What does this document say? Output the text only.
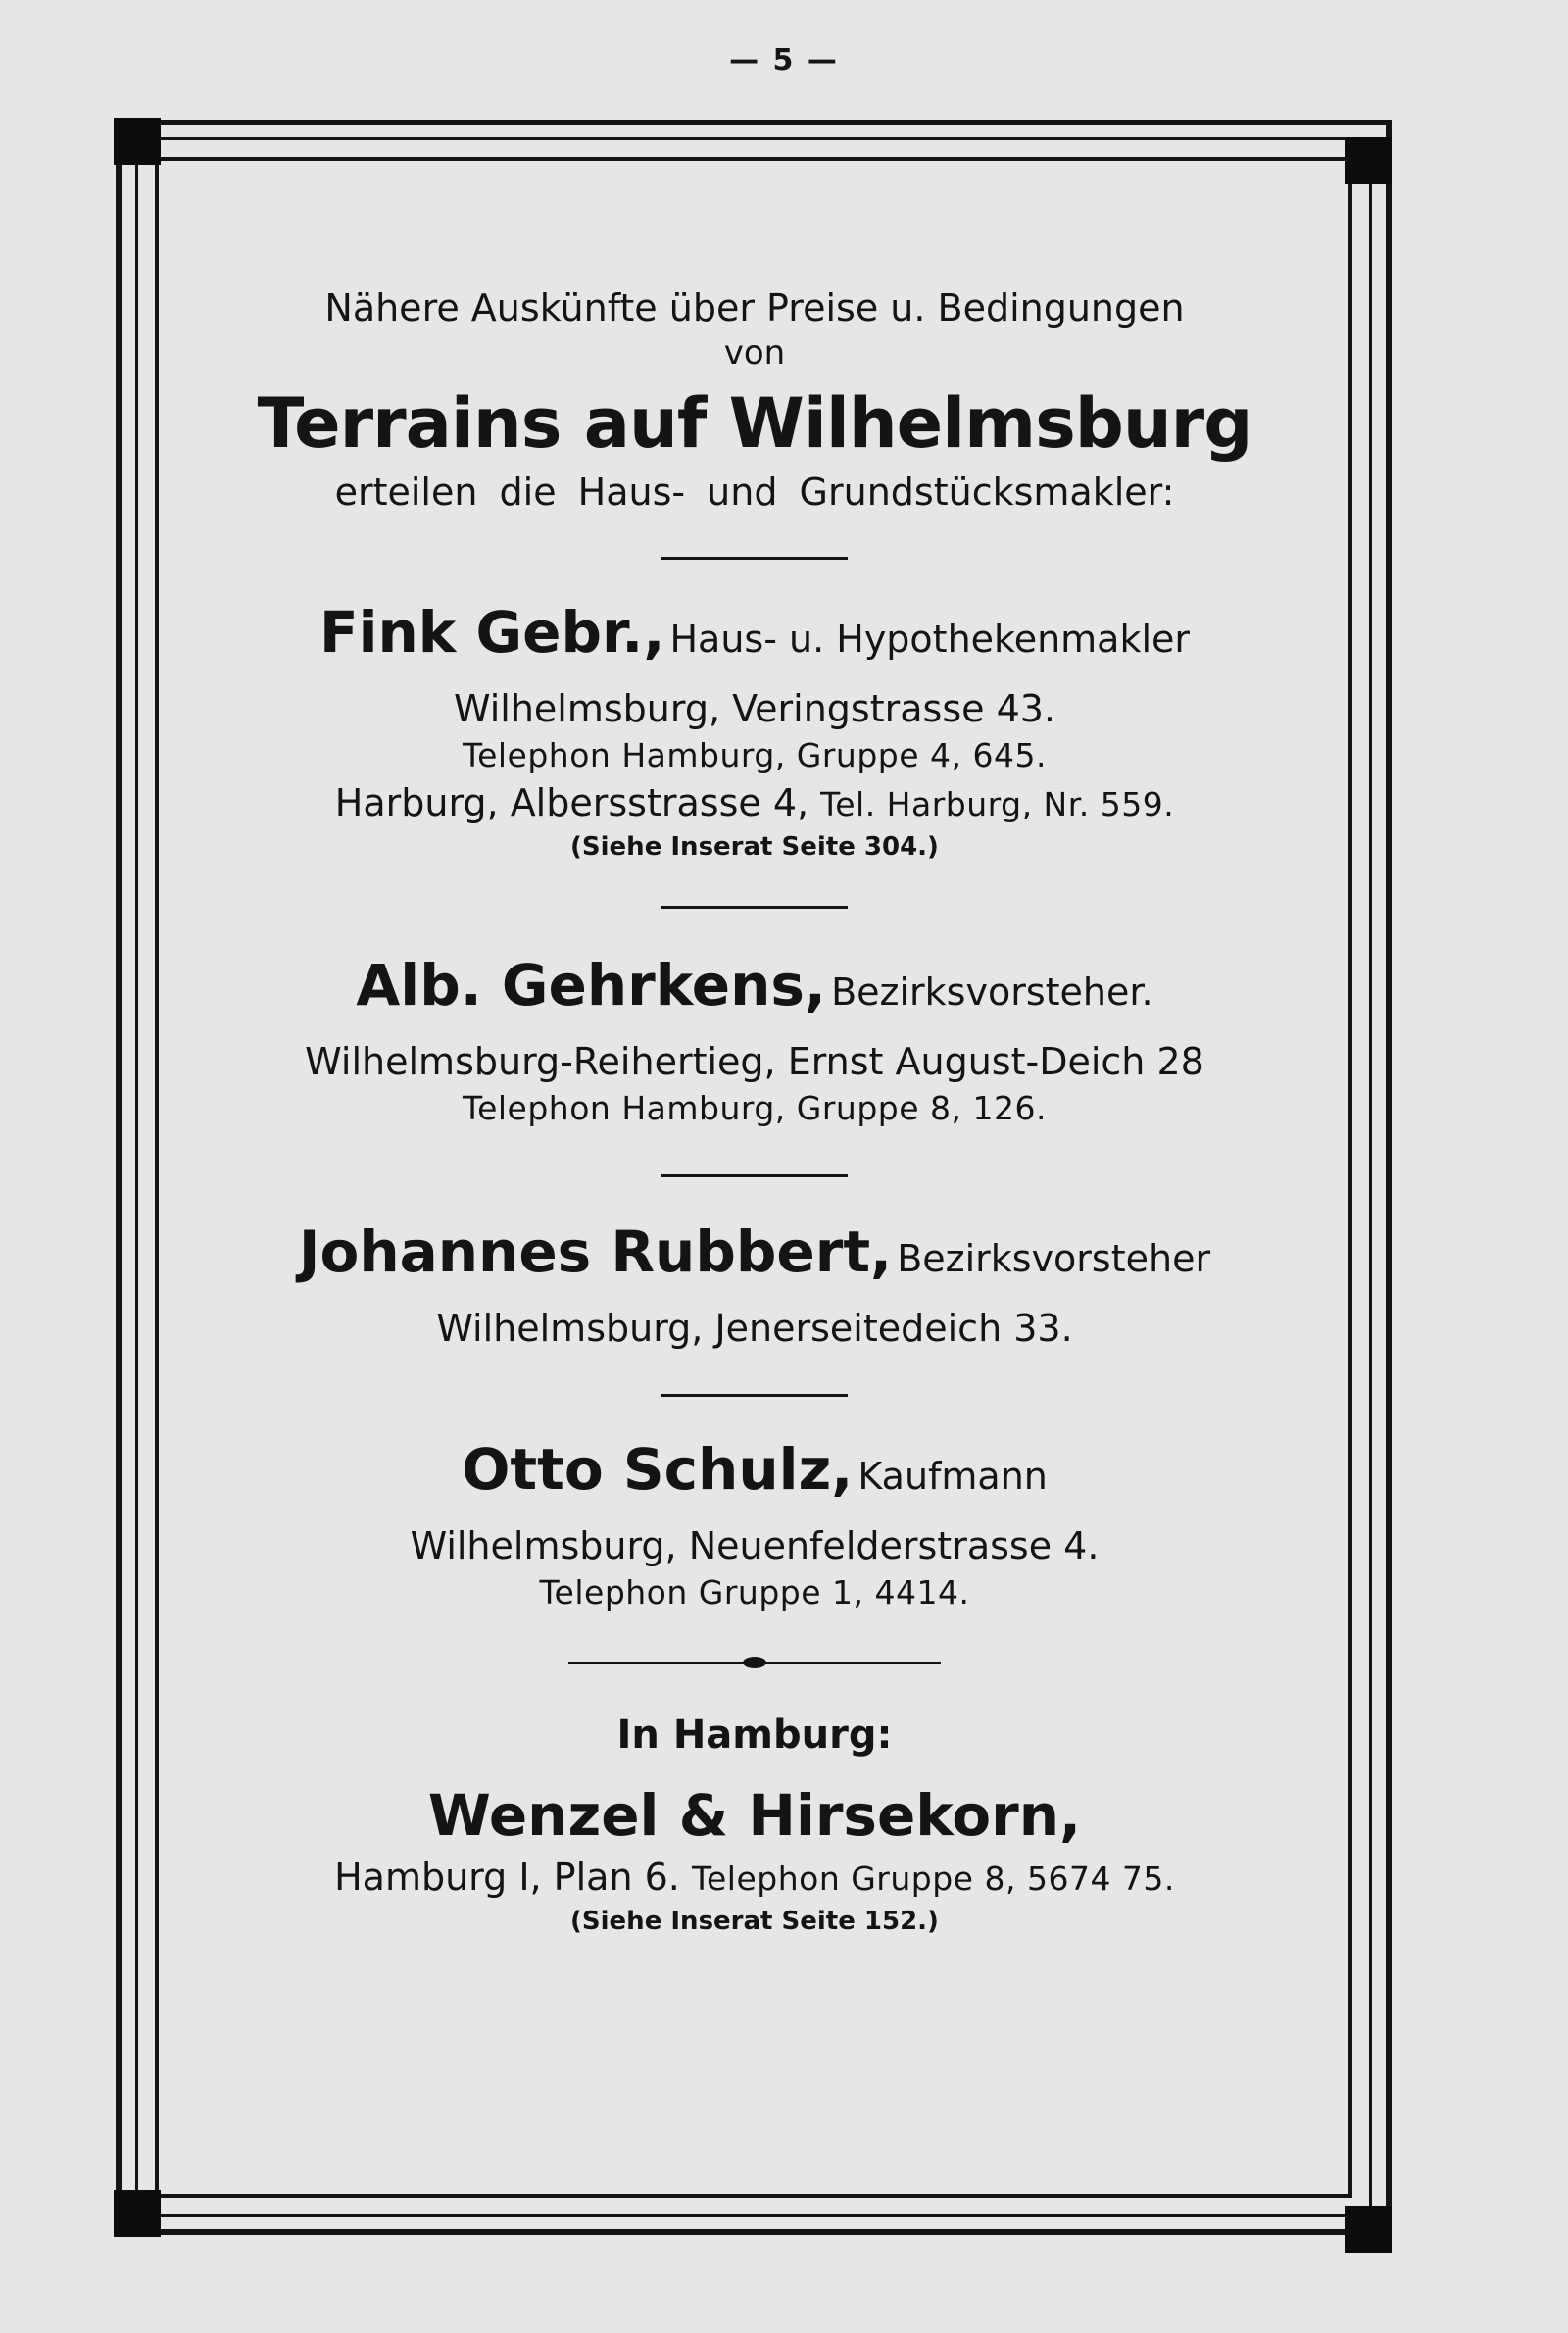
— 5 —
Nähere Auskünfte über Preise u. Bedingungen
von
Terrains auf Wilhelmsburg
erteilen die Haus- und Grundstücksmakler:
Fink Gebr., Haus- u. Hypothekenmakler
Wilhelmsburg, Veringstrasse 43.
Telephon Hamburg, Gruppe 4, 645.
Harburg, Albersstrasse 4, Tel. Harburg, Nr. 559.
(Siehe Inserat Seite 304.)
Alb. Gehrkens, Bezirksvorsteher.
Wilhelmsburg-Reihertieg, Ernst August-Deich 28
Telephon Hamburg, Gruppe 8, 126.
Johannes Rubbert, Bezirksvorsteher
Wilhelmsburg, Jenerseitedeich 33.
Otto Schulz, Kaufmann
Wilhelmsburg, Neuenfelderstrasse 4.
Telephon Gruppe 1, 4414.
In Hamburg:
Wenzel & Hirsekorn,
Hamburg I, Plan 6. Telephon Gruppe 8, 5674 75.
(Siehe Inserat Seite 152.)
